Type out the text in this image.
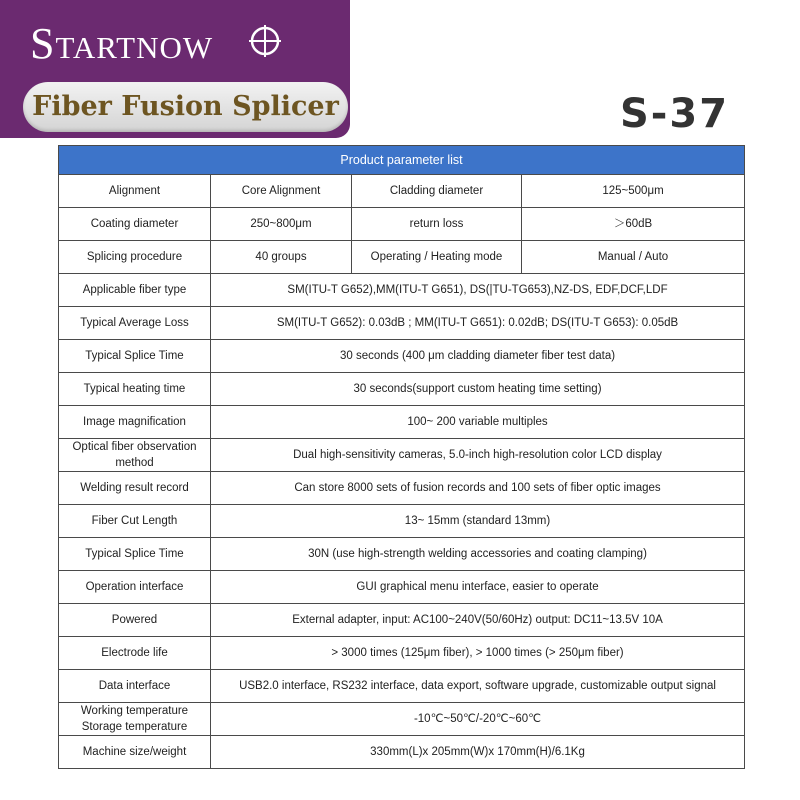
Startnow
Fiber Fusion Splicer	S-37
Product parameter list			
Alignment	Core Alignment	Cladding diameter	125~500μm
Coating diameter	250~800μm	return loss	＞60dB
Splicing procedure	40 groups	Operating / Heating mode	Manual / Auto
Applicable fiber type	SM(ITU-T G652),MM(ITU-T G651), DS(|TU-TG653),NZ-DS, EDF,DCF,LDF		
Typical Average Loss	SM(ITU-T G652): 0.03dB ; MM(ITU-T G651): 0.02dB; DS(ITU-T G653): 0.05dB		
Typical Splice Time	30 seconds (400 μm cladding diameter fiber test data)		
Typical heating time	30 seconds(support custom heating time setting)		
Image magnification	100~ 200 variable multiples		
Optical fiber observation method	Dual high-sensitivity cameras, 5.0-inch high-resolution color LCD display		
Welding result record	Can store 8000 sets of fusion records and 100 sets of fiber optic images		
Fiber Cut Length	13~ 15mm (standard 13mm)		
Typical Splice Time	30N (use high-strength welding accessories and coating clamping)		
Operation interface	GUI graphical menu interface, easier to operate		
Powered	External adapter, input: AC100~240V(50/60Hz) output: DC11~13.5V 10A		
Electrode life	> 3000 times (125μm fiber), > 1000 times (> 250μm fiber)		
Data interface	USB2.0 interface, RS232 interface, data export, software upgrade, customizable output signal		
Working temperature
Storage temperature	-10℃~50℃/-20℃~60℃		
Machine size/weight	330mm(L)x 205mm(W)x 170mm(H)/6.1Kg		
